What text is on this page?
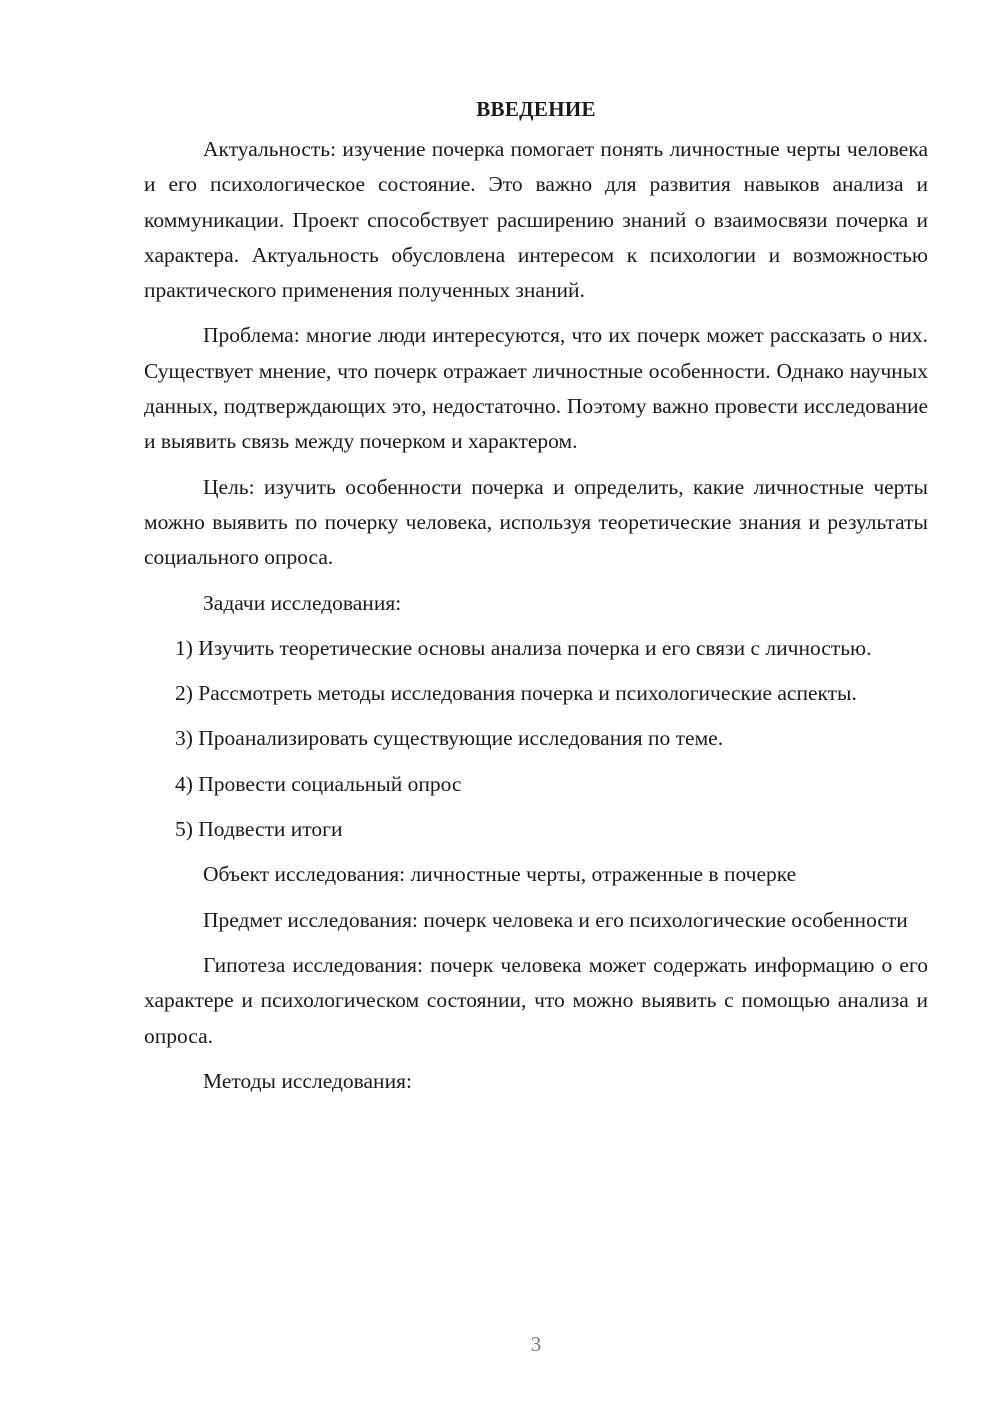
ВВЕДЕНИЕ

Актуальность: изучение почерка помогает понять личностные черты человека и его психологическое состояние. Это важно для развития навыков анализа и коммуникации. Проект способствует расширению знаний о взаимосвязи почерка и характера. Актуальность обусловлена интересом к психологии и возможностью практического применения полученных знаний.

Проблема: многие люди интересуются, что их почерк может рассказать о них. Существует мнение, что почерк отражает личностные особенности. Однако научных данных, подтверждающих это, недостаточно. Поэтому важно провести исследование и выявить связь между почерком и характером.

Цель: изучить особенности почерка и определить, какие личностные черты можно выявить по почерку человека, используя теоретические знания и результаты социального опроса.

Задачи исследования:

1) Изучить теоретические основы анализа почерка и его связи с личностью.

2) Рассмотреть методы исследования почерка и психологические аспекты.

3) Проанализировать существующие исследования по теме.

4) Провести социальный опрос

5) Подвести итоги

Объект исследования: личностные черты, отраженные в почерке

Предмет исследования: почерк человека и его психологические особенности

Гипотеза исследования: почерк человека может содержать информацию о его характере и психологическом состоянии, что можно выявить с помощью анализа и опроса.

Методы исследования:

3
